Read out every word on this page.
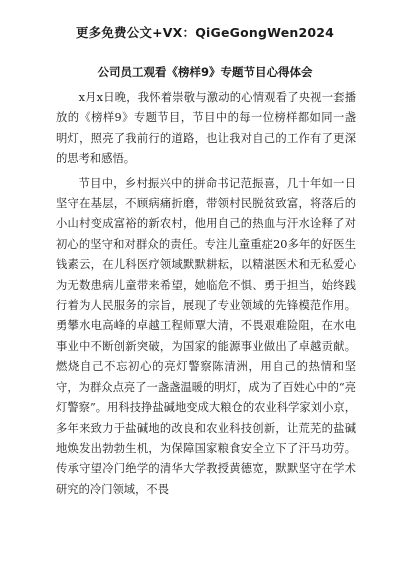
更多免费公文+VX：QiGeGongWen2024
公司员工观看《榜样9》专题节目心得体会

x月x日晚，我怀着崇敬与激动的心情观看了央视一套播放的《榜样9》专题节目，节目中的每一位榜样都如同一盏明灯，照亮了我前行的道路，也让我对自己的工作有了更深的思考和感悟。

节目中，乡村振兴中的拼命书记范振喜，几十年如一日坚守在基层，不顾病痛折磨，带领村民脱贫致富，将落后的小山村变成富裕的新农村，他用自己的热血与汗水诠释了对初心的坚守和对群众的责任。专注儿童重症20多年的好医生钱素云，在儿科医疗领域默默耕耘，以精湛医术和无私爱心为无数患病儿童带来希望，她临危不惧、勇于担当，始终践行着为人民服务的宗旨，展现了专业领域的先锋模范作用。勇攀水电高峰的卓越工程师覃大清，不畏艰难险阻，在水电事业中不断创新突破，为国家的能源事业做出了卓越贡献。燃烧自己不忘初心的亮灯警察陈清洲，用自己的热情和坚守，为群众点亮了一盏盏温暖的明灯，成为了百姓心中的“亮灯警察”。用科技挣盐碱地变成大粮仓的农业科学家刘小京，多年来致力于盐碱地的改良和农业科技创新，让荒芜的盐碱地焕发出勃勃生机，为保障国家粮食安全立下了汗马功劳。传承守望冷门绝学的清华大学教授黄德宽，默默坚守在学术研究的冷门领域，不畏
